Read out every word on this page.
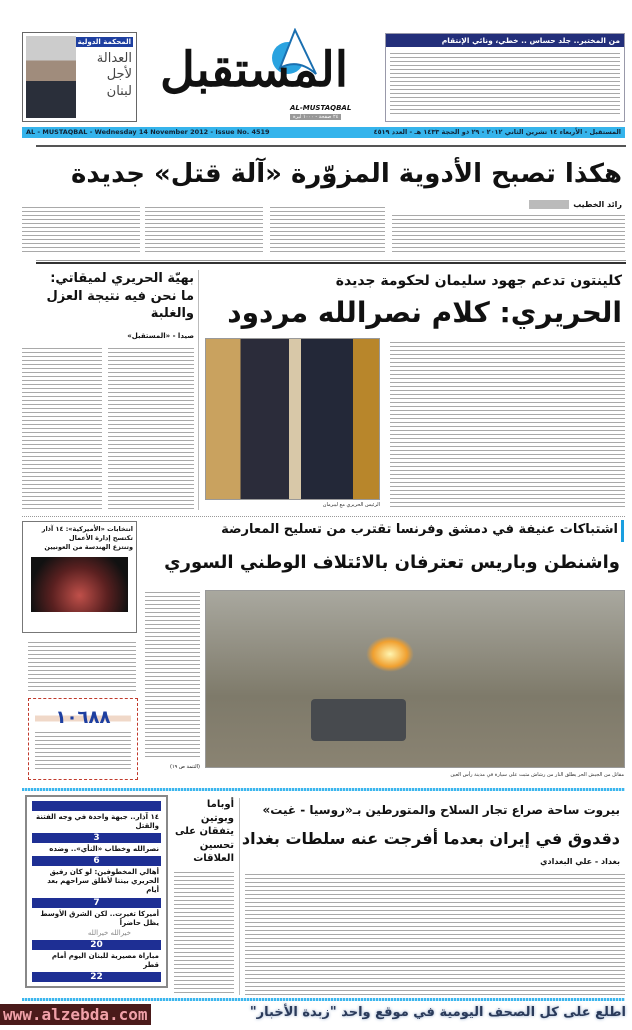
المحكمة الدولية
العدالة
لأجل
لبنان المستقبل
AL-MUSTAQBAL
٢٤ صفحة - ١٠٠٠ ليرة
من المختبر.. جلد حساس .. خطي، ونائي الإنتقام
AL - MUSTAQBAL - Wednesday 14 November 2012 - Issue No. 4519	المستقبل - الأربعاء ١٤ تشرين الثاني ٢٠١٢ - ٢٩ ذو الحجة ١٤٣٣ هـ - العدد ٤٥١٩
هكذا تصبح الأدوية المزوّرة «آلة قتل» جديدة
رائد الخطيب
بهيّة الحريري لميقاتي:
ما نحن فيه نتيجة العزل والغلبة
صيدا - «المستقبل»
كلينتون تدعم جهود سليمان لحكومة جديدة
الحريري: كلام نصرالله مردود
الرئيس الحريري مع ليبرمان
انتخابات «الأميركية»: ١٤ آذار تكتسح إدارة الأعمال
وتنتزع الهندسة من العونيين
اشتباكات عنيفة في دمشق وفرنسا تقترب من تسليح المعارضة
واشنطن وباريس تعترفان بالائتلاف الوطني السوري
(التتمة ص ١٩)
مقاتل من الجيش الحر يطلق النار من رشاش مثبت على سيارة في مدينة رأس العين
١٠٦٨٨
١٤ آذار.. جبهة واحدة في وجه الفتنة والقتل
3
نصرالله وخطاب «النأي».. وضده
6
أهالي المخطوفين: لو كان رفيق الحريري بيننا لأطلق سراحهم بعد أيام
7
أميركا تغيرت.. لكن الشرق الأوسط يظل حاضراً
خيرالله خيرالله
20
مباراة مصيرية للبنان اليوم أمام قطر
22
أوباما وبوتين يتفقان على تحسين العلاقات
بيروت ساحة صراع تجار السلاح والمتورطين بـ«روسيا - غيت»
دقدوق في إيران بعدما أفرجت عنه سلطات بغداد
بغداد - علي البغدادي
www.alzebda.com	اطلع على كل الصحف اليومية في موقع واحد "زبدة الأخبار"
